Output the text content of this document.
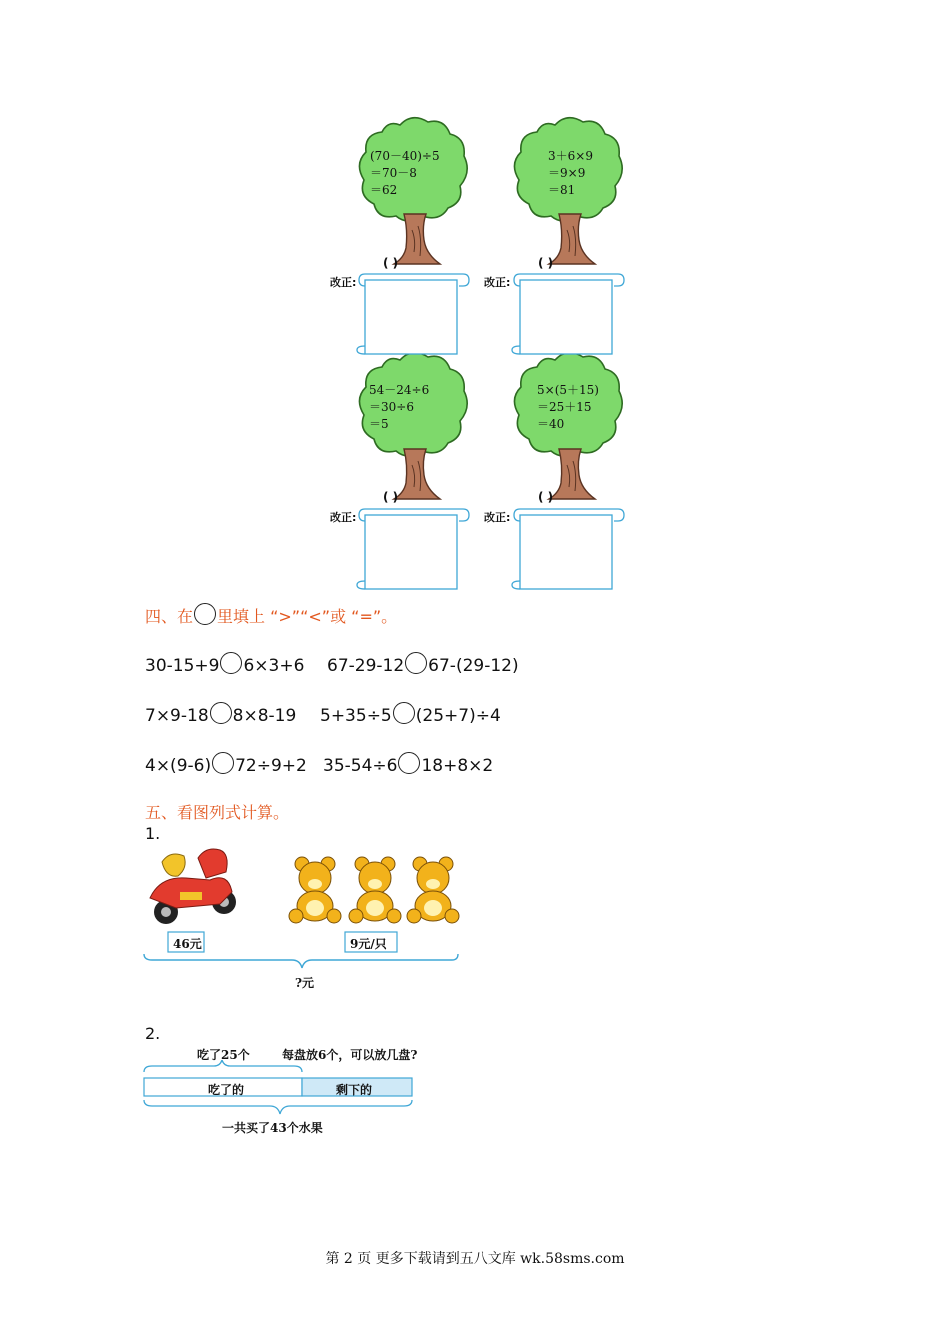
(70－40)÷5
＝70－8
＝62
( )
改正:
3＋6×9
＝9×9
＝81
( )
改正:
54－24÷6
＝30÷6
＝5
( )
改正:
5×(5＋15)
＝25＋15
＝40
( )
改正:
四、在 里填上 “>”“<”或 “=”。
30-15+9 6×3+6 67-29-12 67-(29-12)
7×9-18 8×8-19 5+35÷5 (25+7)÷4
4×(9-6) 72÷9+2 35-54÷6 18+8×2
五、看图列式计算。
1.
46元	9元/只
?元
2.
吃了25个	每盘放6个，可以放几盘?
吃了的	剩下的
一共买了43个水果
第 2 页 更多下载请到五八文库 wk.58sms.com
